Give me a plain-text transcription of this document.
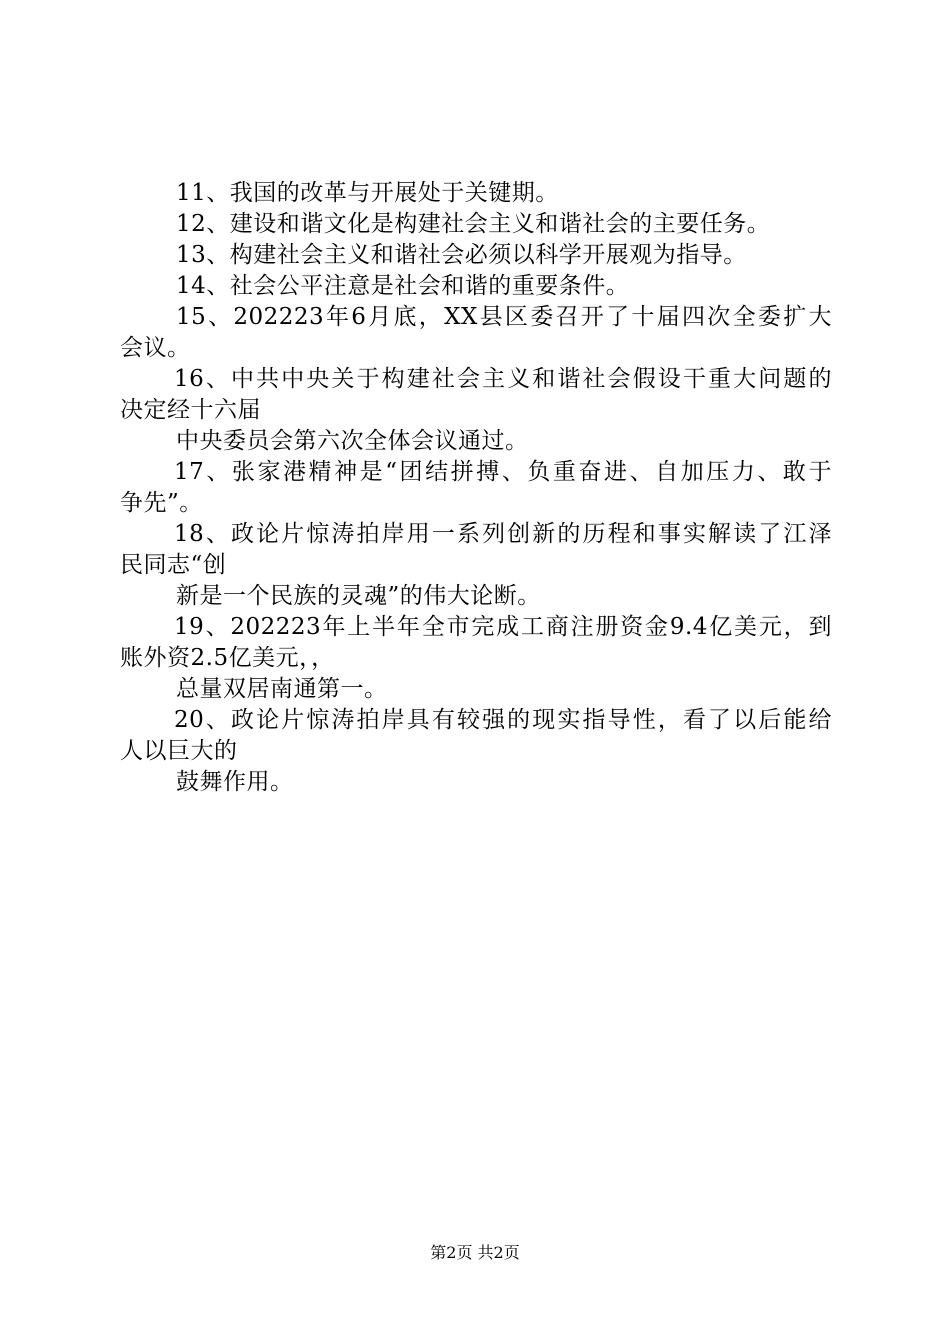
11、我国的改革与开展处于关键期。

12、建设和谐文化是构建社会主义和谐社会的主要任务。

13、构建社会主义和谐社会必须以科学开展观为指导。

14、社会公平注意是社会和谐的重要条件。

15、202223年6月底，XX县区委召开了十届四次全委扩大

会议。

16、中共中央关于构建社会主义和谐社会假设干重大问题的

决定经十六届

中央委员会第六次全体会议通过。

17、张家港精神是“团结拼搏、负重奋进、自加压力、敢于

争先”。

18、政论片惊涛拍岸用一系列创新的历程和事实解读了江泽

民同志“创

新是一个民族的灵魂”的伟大论断。

19、202223年上半年全市完成工商注册资金9.4亿美元，到

账外资2.5亿美元，，

总量双居南通第一。

20、政论片惊涛拍岸具有较强的现实指导性，看了以后能给

人以巨大的

鼓舞作用。

第2页 共2页
